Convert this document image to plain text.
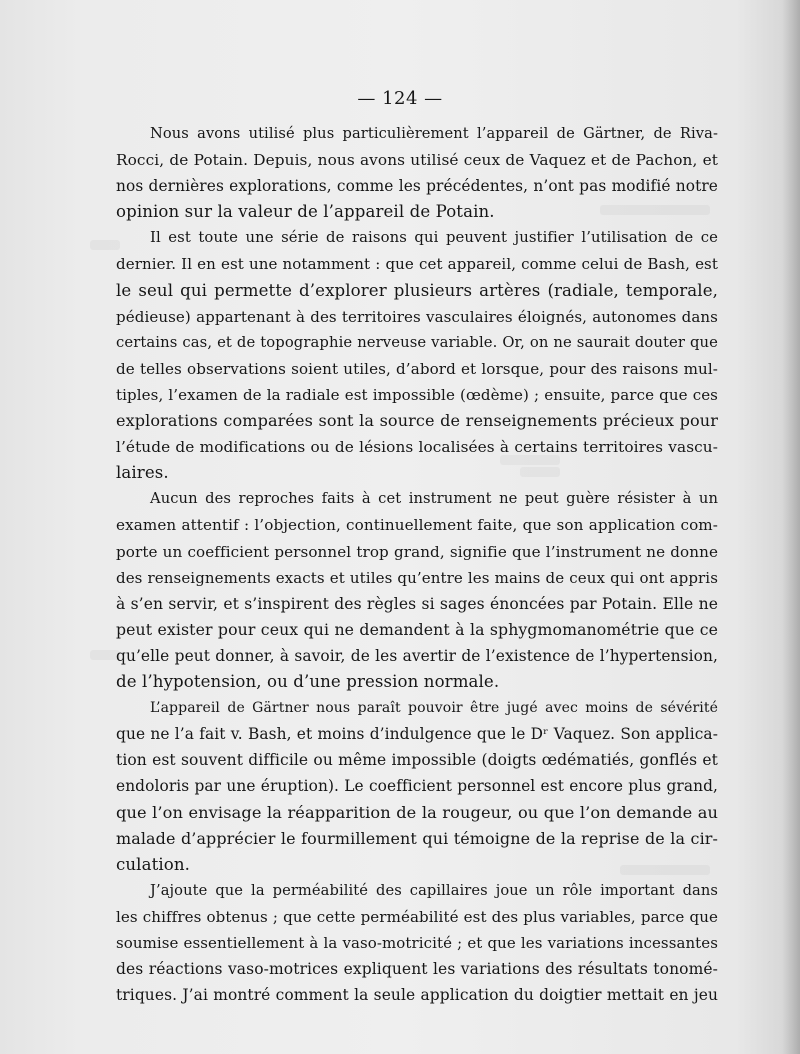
— 124 —

Nous avons utilisé plus particulièrement l’appareil de Gärtner, de Riva-
Rocci, de Potain. Depuis, nous avons utilisé ceux de Vaquez et de Pachon, et
nos dernières explorations, comme les précédentes, n’ont pas modifié notre
opinion sur la valeur de l’appareil de Potain.

Il est toute une série de raisons qui peuvent justifier l’utilisation de ce
dernier. Il en est une notamment : que cet appareil, comme celui de Bash, est
le seul qui permette d’explorer plusieurs artères (radiale, temporale,
pédieuse) appartenant à des territoires vasculaires éloignés, autonomes dans
certains cas, et de topographie nerveuse variable. Or, on ne saurait douter que
de telles observations soient utiles, d’abord et lorsque, pour des raisons mul-
tiples, l’examen de la radiale est impossible (œdème) ; ensuite, parce que ces
explorations comparées sont la source de renseignements précieux pour
l’étude de modifications ou de lésions localisées à certains territoires vascu-
laires.

Aucun des reproches faits à cet instrument ne peut guère résister à un
examen attentif : l’objection, continuellement faite, que son application com-
porte un coefficient personnel trop grand, signifie que l’instrument ne donne
des renseignements exacts et utiles qu’entre les mains de ceux qui ont appris
à s’en servir, et s’inspirent des règles si sages énoncées par Potain. Elle ne
peut exister pour ceux qui ne demandent à la sphygmomanométrie que ce
qu’elle peut donner, à savoir, de les avertir de l’existence de l’hypertension,
de l’hypotension, ou d’une pression normale.

L’appareil de Gärtner nous paraît pouvoir être jugé avec moins de sévérité
que ne l’a fait v. Bash, et moins d’indulgence que le Dʳ Vaquez. Son applica-
tion est souvent difficile ou même impossible (doigts œdématiés, gonflés et
endoloris par une éruption). Le coefficient personnel est encore plus grand,
que l’on envisage la réapparition de la rougeur, ou que l’on demande au
malade d’apprécier le fourmillement qui témoigne de la reprise de la cir-
culation.

J’ajoute que la perméabilité des capillaires joue un rôle important dans
les chiffres obtenus ; que cette perméabilité est des plus variables, parce que
soumise essentiellement à la vaso-motricité ; et que les variations incessantes
des réactions vaso-motrices expliquent les variations des résultats tonomé-
triques. J’ai montré comment la seule application du doigtier mettait en jeu
